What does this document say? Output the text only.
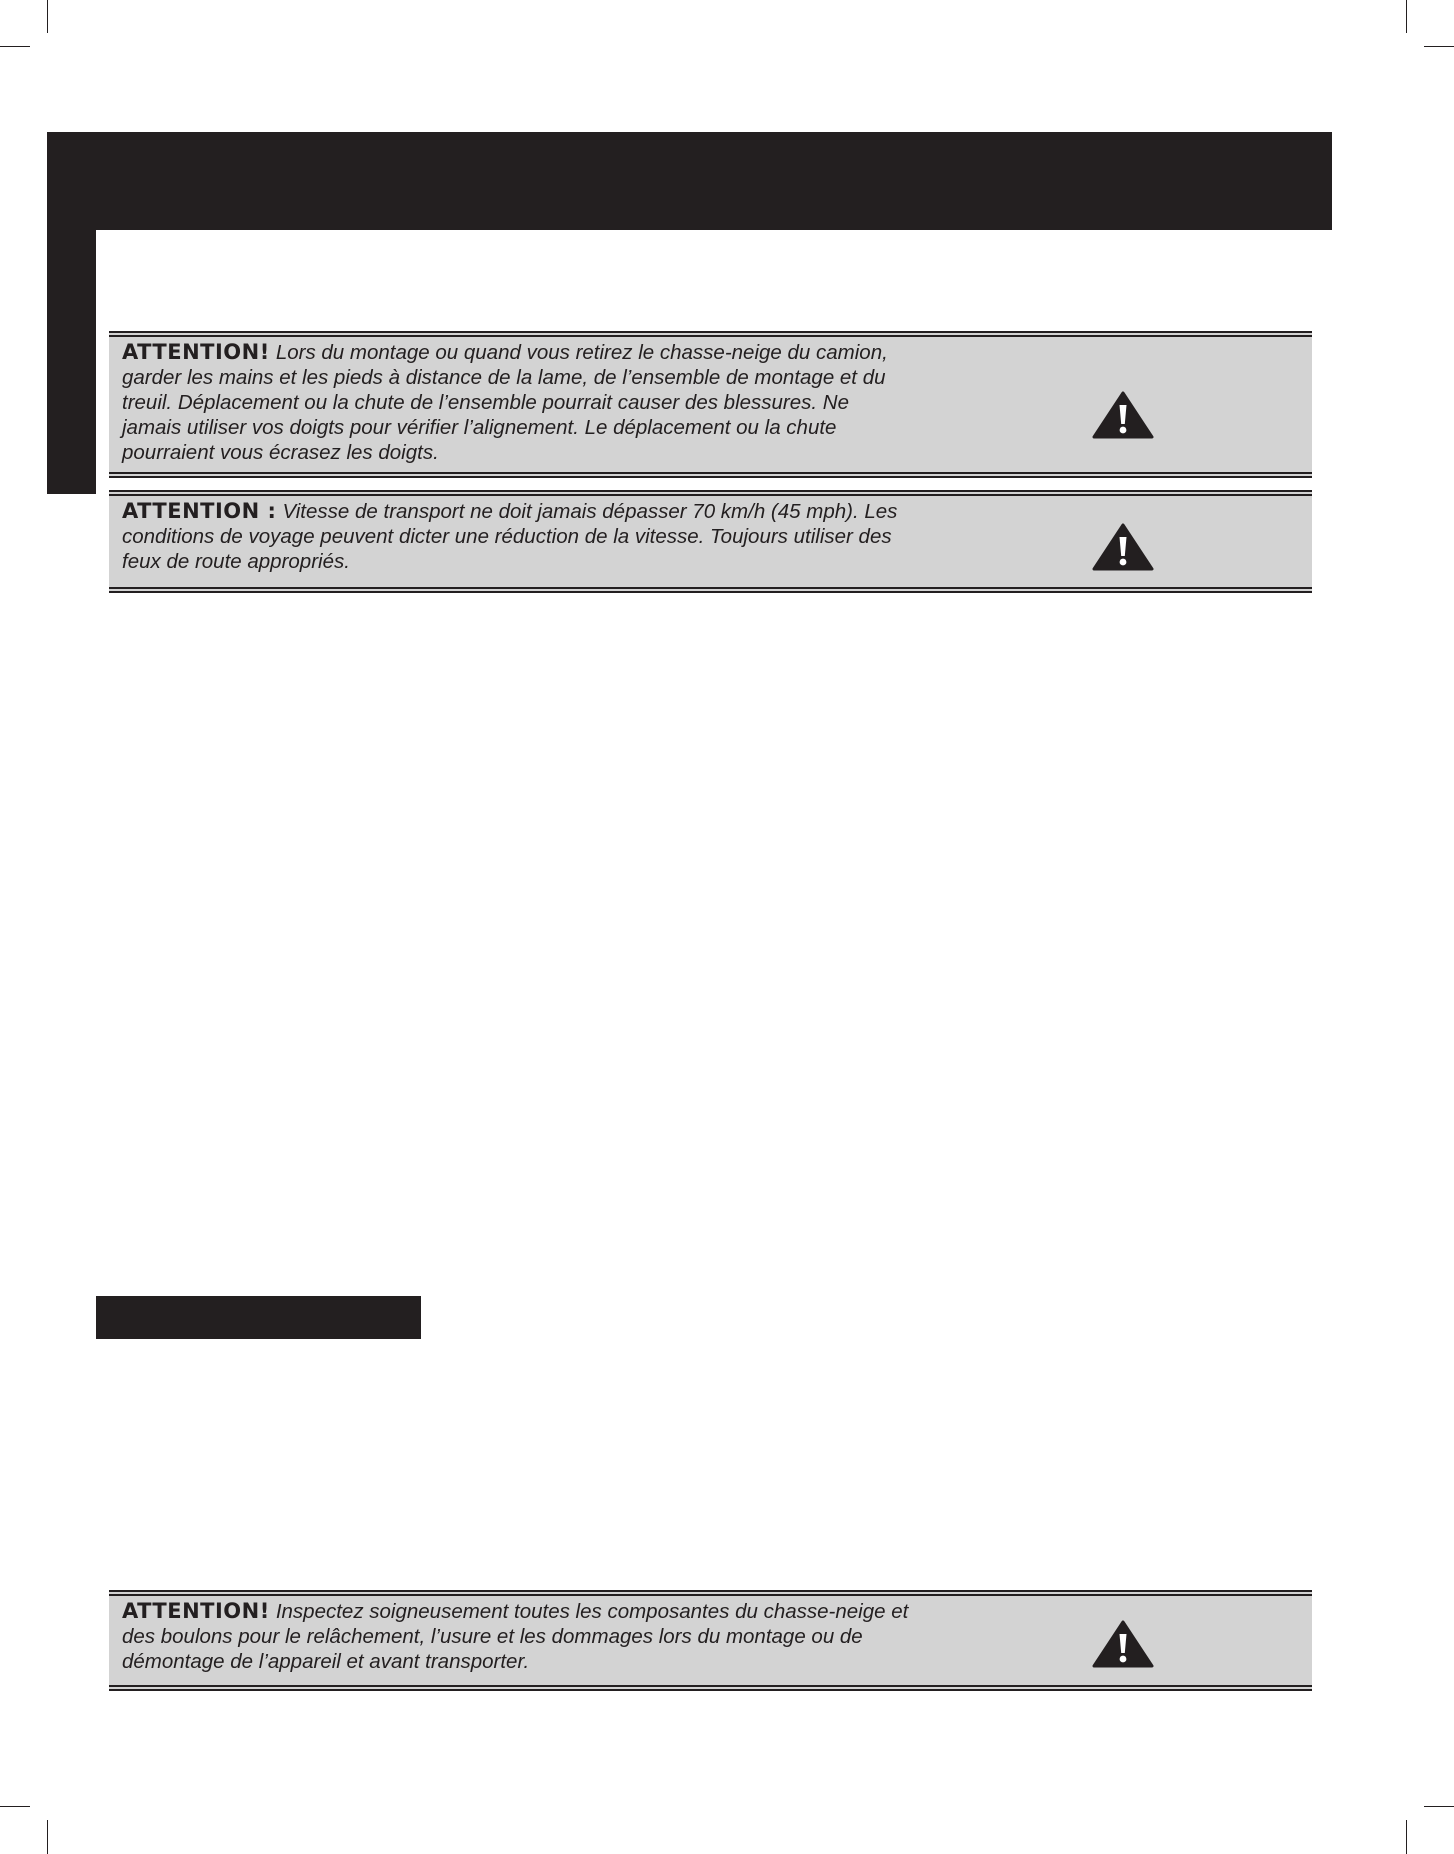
ATTENTION! Lors du montage ou quand vous retirez le chasse-neige du camion, garder les mains et les pieds à distance de la lame, de l’ensemble de montage et du treuil. Déplacement ou la chute de l’ensemble pourrait causer des blessures. Ne jamais utiliser vos doigts pour vérifier l’alignement. Le déplacement ou la chute pourraient vous écrasez les doigts.

ATTENTION : Vitesse de transport ne doit jamais dépasser 70 km/h (45 mph). Les conditions de voyage peuvent dicter une réduction de la vitesse. Toujours utiliser des feux de route appropriés.

ATTENTION! Inspectez soigneusement toutes les composantes du chasse-neige et des boulons pour le relâchement, l’usure et les dommages lors du montage ou de démontage de l’appareil et avant transporter.
